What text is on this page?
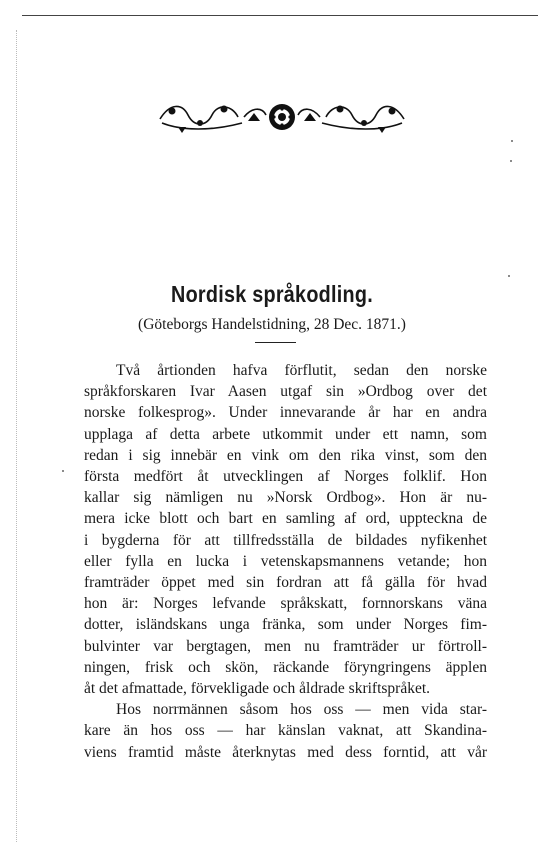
Nordisk språkodling.
(Göteborgs Handelstidning, 28 Dec. 1871.)
Två årtionden hafva förflutit, sedan den norske
språkforskaren Ivar Aasen utgaf sin »Ordbog over det
norske folkesprog». Under innevarande år har en andra
upplaga af detta arbete utkommit under ett namn, som
redan i sig innebär en vink om den rika vinst, som den
första medfört åt utvecklingen af Norges folklif. Hon
kallar sig nämligen nu »Norsk Ordbog». Hon är nu-
mera icke blott och bart en samling af ord, uppteckna de
i bygderna för att tillfredsställa de bildades nyfikenhet
eller fylla en lucka i vetenskapsmannens vetande; hon
framträder öppet med sin fordran att få gälla för hvad
hon är: Norges lefvande språkskatt, fornnorskans väna
dotter, isländskans unga fränka, som under Norges fim-
bulvinter var bergtagen, men nu framträder ur förtroll-
ningen, frisk och skön, räckande föryngringens äpplen
åt det afmattade, förvekligade och åldrade skriftspråket.
Hos norrmännen såsom hos oss — men vida star-
kare än hos oss — har känslan vaknat, att Skandina-
viens framtid måste återknytas med dess forntid, att vår
